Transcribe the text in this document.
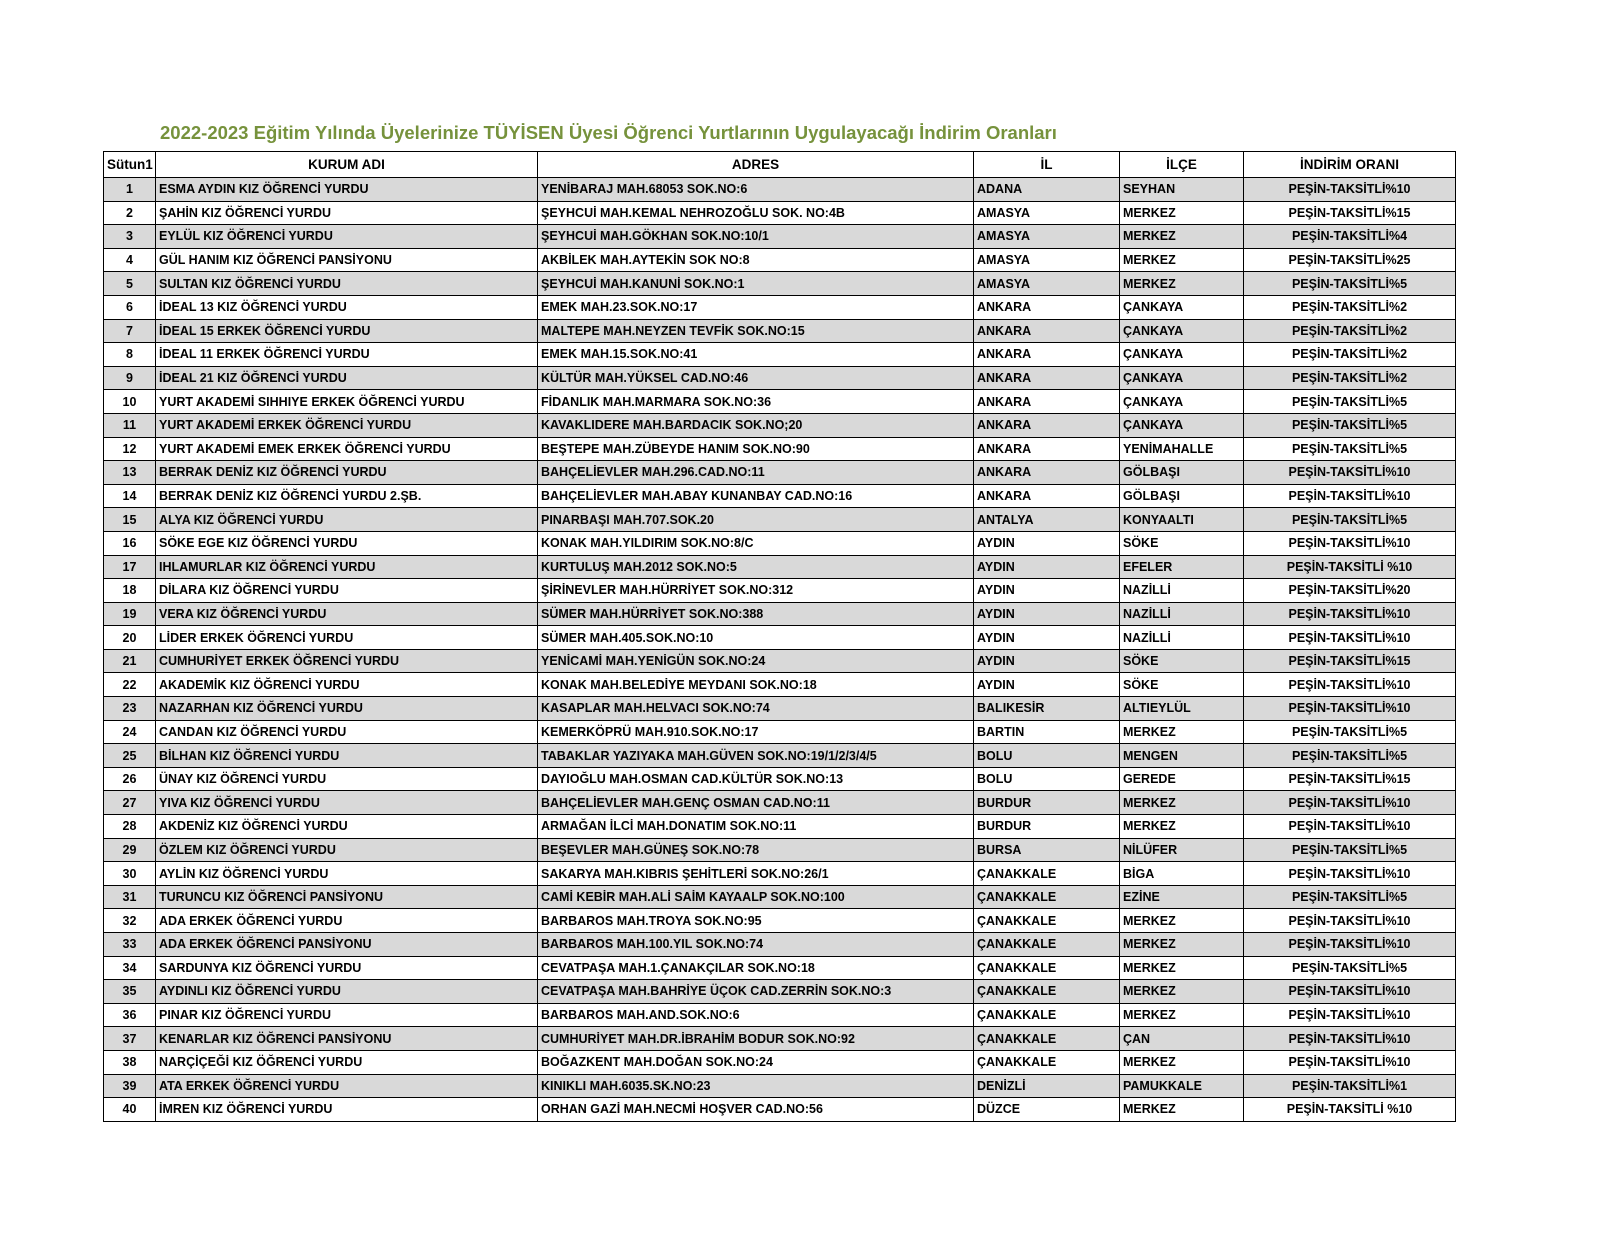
2022-2023 Eğitim Yılında Üyelerinize TÜYİSEN Üyesi Öğrenci Yurtlarının Uygulayacağı İndirim Oranları
Sütun1	KURUM ADI	ADRES	İL	İLÇE	İNDİRİM ORANI
1	ESMA AYDIN KIZ ÖĞRENCİ YURDU	YENİBARAJ MAH.68053 SOK.NO:6	ADANA	SEYHAN	PEŞİN-TAKSİTLİ%10
2	ŞAHİN KIZ ÖĞRENCİ YURDU	ŞEYHCUİ MAH.KEMAL NEHROZOĞLU SOK. NO:4B	AMASYA	MERKEZ	PEŞİN-TAKSİTLİ%15
3	EYLÜL KIZ ÖĞRENCİ YURDU	ŞEYHCUİ MAH.GÖKHAN SOK.NO:10/1	AMASYA	MERKEZ	PEŞİN-TAKSİTLİ%4
4	GÜL HANIM KIZ ÖĞRENCİ PANSİYONU	AKBİLEK MAH.AYTEKİN SOK NO:8	AMASYA	MERKEZ	PEŞİN-TAKSİTLİ%25
5	SULTAN KIZ ÖĞRENCİ YURDU	ŞEYHCUİ MAH.KANUNİ SOK.NO:1	AMASYA	MERKEZ	PEŞİN-TAKSİTLİ%5
6	İDEAL 13 KIZ ÖĞRENCİ YURDU	EMEK MAH.23.SOK.NO:17	ANKARA	ÇANKAYA	PEŞİN-TAKSİTLİ%2
7	İDEAL 15 ERKEK ÖĞRENCİ YURDU	MALTEPE MAH.NEYZEN TEVFİK SOK.NO:15	ANKARA	ÇANKAYA	PEŞİN-TAKSİTLİ%2
8	İDEAL 11 ERKEK ÖĞRENCİ YURDU	EMEK MAH.15.SOK.NO:41	ANKARA	ÇANKAYA	PEŞİN-TAKSİTLİ%2
9	İDEAL 21 KIZ ÖĞRENCİ YURDU	KÜLTÜR MAH.YÜKSEL CAD.NO:46	ANKARA	ÇANKAYA	PEŞİN-TAKSİTLİ%2
10	YURT AKADEMİ SIHHIYE ERKEK ÖĞRENCİ YURDU	FİDANLIK MAH.MARMARA SOK.NO:36	ANKARA	ÇANKAYA	PEŞİN-TAKSİTLİ%5
11	YURT AKADEMİ ERKEK ÖĞRENCİ YURDU	KAVAKLIDERE MAH.BARDACIK SOK.NO;20	ANKARA	ÇANKAYA	PEŞİN-TAKSİTLİ%5
12	YURT AKADEMİ EMEK ERKEK ÖĞRENCİ YURDU	BEŞTEPE MAH.ZÜBEYDE HANIM SOK.NO:90	ANKARA	YENİMAHALLE	PEŞİN-TAKSİTLİ%5
13	BERRAK DENİZ KIZ ÖĞRENCİ YURDU	BAHÇELİEVLER MAH.296.CAD.NO:11	ANKARA	GÖLBAŞI	PEŞİN-TAKSİTLİ%10
14	BERRAK DENİZ KIZ ÖĞRENCİ YURDU 2.ŞB.	BAHÇELİEVLER MAH.ABAY KUNANBAY CAD.NO:16	ANKARA	GÖLBAŞI	PEŞİN-TAKSİTLİ%10
15	ALYA KIZ ÖĞRENCİ YURDU	PINARBAŞI MAH.707.SOK.20	ANTALYA	KONYAALTI	PEŞİN-TAKSİTLİ%5
16	SÖKE EGE KIZ ÖĞRENCİ YURDU	KONAK MAH.YILDIRIM SOK.NO:8/C	AYDIN	SÖKE	PEŞİN-TAKSİTLİ%10
17	IHLAMURLAR KIZ ÖĞRENCİ YURDU	KURTULUŞ MAH.2012 SOK.NO:5	AYDIN	EFELER	PEŞİN-TAKSİTLİ %10
18	DİLARA KIZ ÖĞRENCİ YURDU	ŞİRİNEVLER MAH.HÜRRİYET SOK.NO:312	AYDIN	NAZİLLİ	PEŞİN-TAKSİTLİ%20
19	VERA KIZ ÖĞRENCİ YURDU	SÜMER MAH.HÜRRİYET SOK.NO:388	AYDIN	NAZİLLİ	PEŞİN-TAKSİTLİ%10
20	LİDER ERKEK ÖĞRENCİ YURDU	SÜMER MAH.405.SOK.NO:10	AYDIN	NAZİLLİ	PEŞİN-TAKSİTLİ%10
21	CUMHURİYET ERKEK ÖĞRENCİ YURDU	YENİCAMİ MAH.YENİGÜN SOK.NO:24	AYDIN	SÖKE	PEŞİN-TAKSİTLİ%15
22	AKADEMİK KIZ ÖĞRENCİ YURDU	KONAK MAH.BELEDİYE MEYDANI SOK.NO:18	AYDIN	SÖKE	PEŞİN-TAKSİTLİ%10
23	NAZARHAN KIZ ÖĞRENCİ YURDU	KASAPLAR MAH.HELVACI SOK.NO:74	BALIKESİR	ALTIEYLÜL	PEŞİN-TAKSİTLİ%10
24	CANDAN KIZ ÖĞRENCİ YURDU	KEMERKÖPRÜ MAH.910.SOK.NO:17	BARTIN	MERKEZ	PEŞİN-TAKSİTLİ%5
25	BİLHAN KIZ ÖĞRENCİ YURDU	TABAKLAR YAZIYAKA MAH.GÜVEN SOK.NO:19/1/2/3/4/5	BOLU	MENGEN	PEŞİN-TAKSİTLİ%5
26	ÜNAY KIZ ÖĞRENCİ YURDU	DAYIOĞLU MAH.OSMAN CAD.KÜLTÜR SOK.NO:13	BOLU	GEREDE	PEŞİN-TAKSİTLİ%15
27	YIVA KIZ ÖĞRENCİ YURDU	BAHÇELİEVLER MAH.GENÇ OSMAN CAD.NO:11	BURDUR	MERKEZ	PEŞİN-TAKSİTLİ%10
28	AKDENİZ KIZ ÖĞRENCİ YURDU	ARMAĞAN İLCİ MAH.DONATIM SOK.NO:11	BURDUR	MERKEZ	PEŞİN-TAKSİTLİ%10
29	ÖZLEM KIZ ÖĞRENCİ YURDU	BEŞEVLER MAH.GÜNEŞ SOK.NO:78	BURSA	NİLÜFER	PEŞİN-TAKSİTLİ%5
30	AYLİN KIZ ÖĞRENCİ YURDU	SAKARYA MAH.KIBRIS ŞEHİTLERİ SOK.NO:26/1	ÇANAKKALE	BİGA	PEŞİN-TAKSİTLİ%10
31	TURUNCU KIZ ÖĞRENCİ PANSİYONU	CAMİ KEBİR MAH.ALİ SAİM KAYAALP SOK.NO:100	ÇANAKKALE	EZİNE	PEŞİN-TAKSİTLİ%5
32	ADA ERKEK ÖĞRENCİ YURDU	BARBAROS MAH.TROYA SOK.NO:95	ÇANAKKALE	MERKEZ	PEŞİN-TAKSİTLİ%10
33	ADA ERKEK ÖĞRENCİ PANSİYONU	BARBAROS MAH.100.YIL SOK.NO:74	ÇANAKKALE	MERKEZ	PEŞİN-TAKSİTLİ%10
34	SARDUNYA KIZ ÖĞRENCİ YURDU	CEVATPAŞA MAH.1.ÇANAKÇILAR SOK.NO:18	ÇANAKKALE	MERKEZ	PEŞİN-TAKSİTLİ%5
35	AYDINLI KIZ ÖĞRENCİ YURDU	CEVATPAŞA MAH.BAHRİYE ÜÇOK CAD.ZERRİN SOK.NO:3	ÇANAKKALE	MERKEZ	PEŞİN-TAKSİTLİ%10
36	PINAR KIZ ÖĞRENCİ YURDU	BARBAROS MAH.AND.SOK.NO:6	ÇANAKKALE	MERKEZ	PEŞİN-TAKSİTLİ%10
37	KENARLAR KIZ ÖĞRENCİ PANSİYONU	CUMHURİYET MAH.DR.İBRAHİM BODUR SOK.NO:92	ÇANAKKALE	ÇAN	PEŞİN-TAKSİTLİ%10
38	NARÇİÇEĞİ KIZ ÖĞRENCİ YURDU	BOĞAZKENT MAH.DOĞAN SOK.NO:24	ÇANAKKALE	MERKEZ	PEŞİN-TAKSİTLİ%10
39	ATA ERKEK ÖĞRENCİ YURDU	KINIKLI MAH.6035.SK.NO:23	DENİZLİ	PAMUKKALE	PEŞİN-TAKSİTLİ%1
40	İMREN KIZ ÖĞRENCİ YURDU	ORHAN GAZİ MAH.NECMİ HOŞVER CAD.NO:56	DÜZCE	MERKEZ	PEŞİN-TAKSİTLİ %10
